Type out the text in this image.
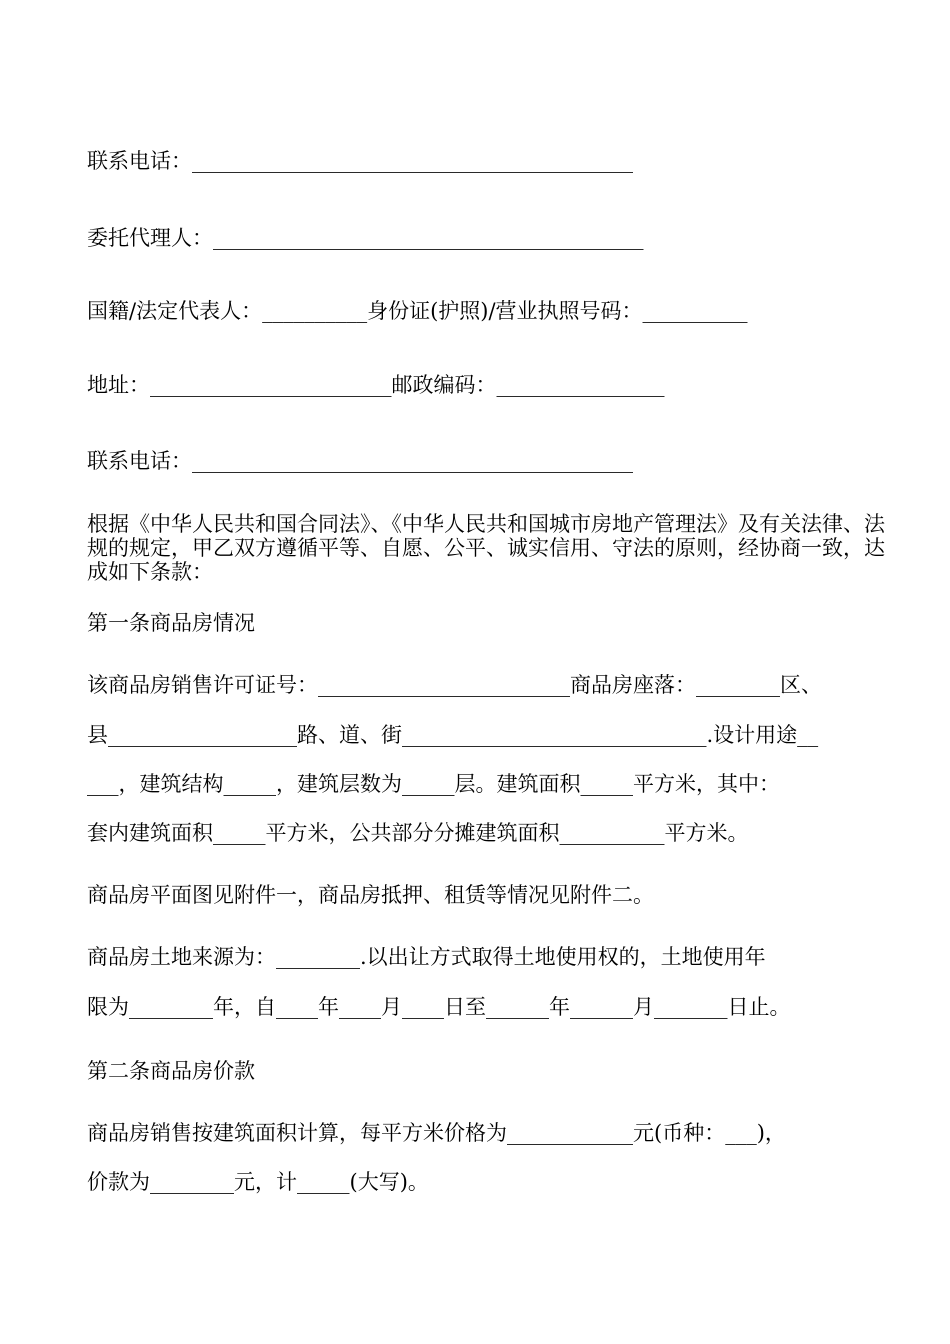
联系电话：__________________________________________
委托代理人：_________________________________________
国籍/法定代表人：__________身份证(护照)/营业执照号码：__________
地址：_______________________邮政编码：________________
联系电话：__________________________________________
根据《中华人民共和国合同法》、《中华人民共和国城市房地产管理法》及有关法律、法规的规定，甲乙双方遵循平等、自愿、公平、诚实信用、守法的原则，经协商一致，达成如下条款：
第一条商品房情况
该商品房销售许可证号：________________________商品房座落：________区、
县__________________路、道、街_____________________________.设计用途__
___，建筑结构_____，建筑层数为_____层。建筑面积_____平方米，其中：
套内建筑面积_____平方米，公共部分分摊建筑面积__________平方米。
商品房平面图见附件一，商品房抵押、租赁等情况见附件二。
商品房土地来源为：________.以出让方式取得土地使用权的，土地使用年
限为________年，自____年____月____日至______年______月_______日止。
第二条商品房价款
商品房销售按建筑面积计算，每平方米价格为____________元(币种：___)，
价款为________元，计_____(大写)。
